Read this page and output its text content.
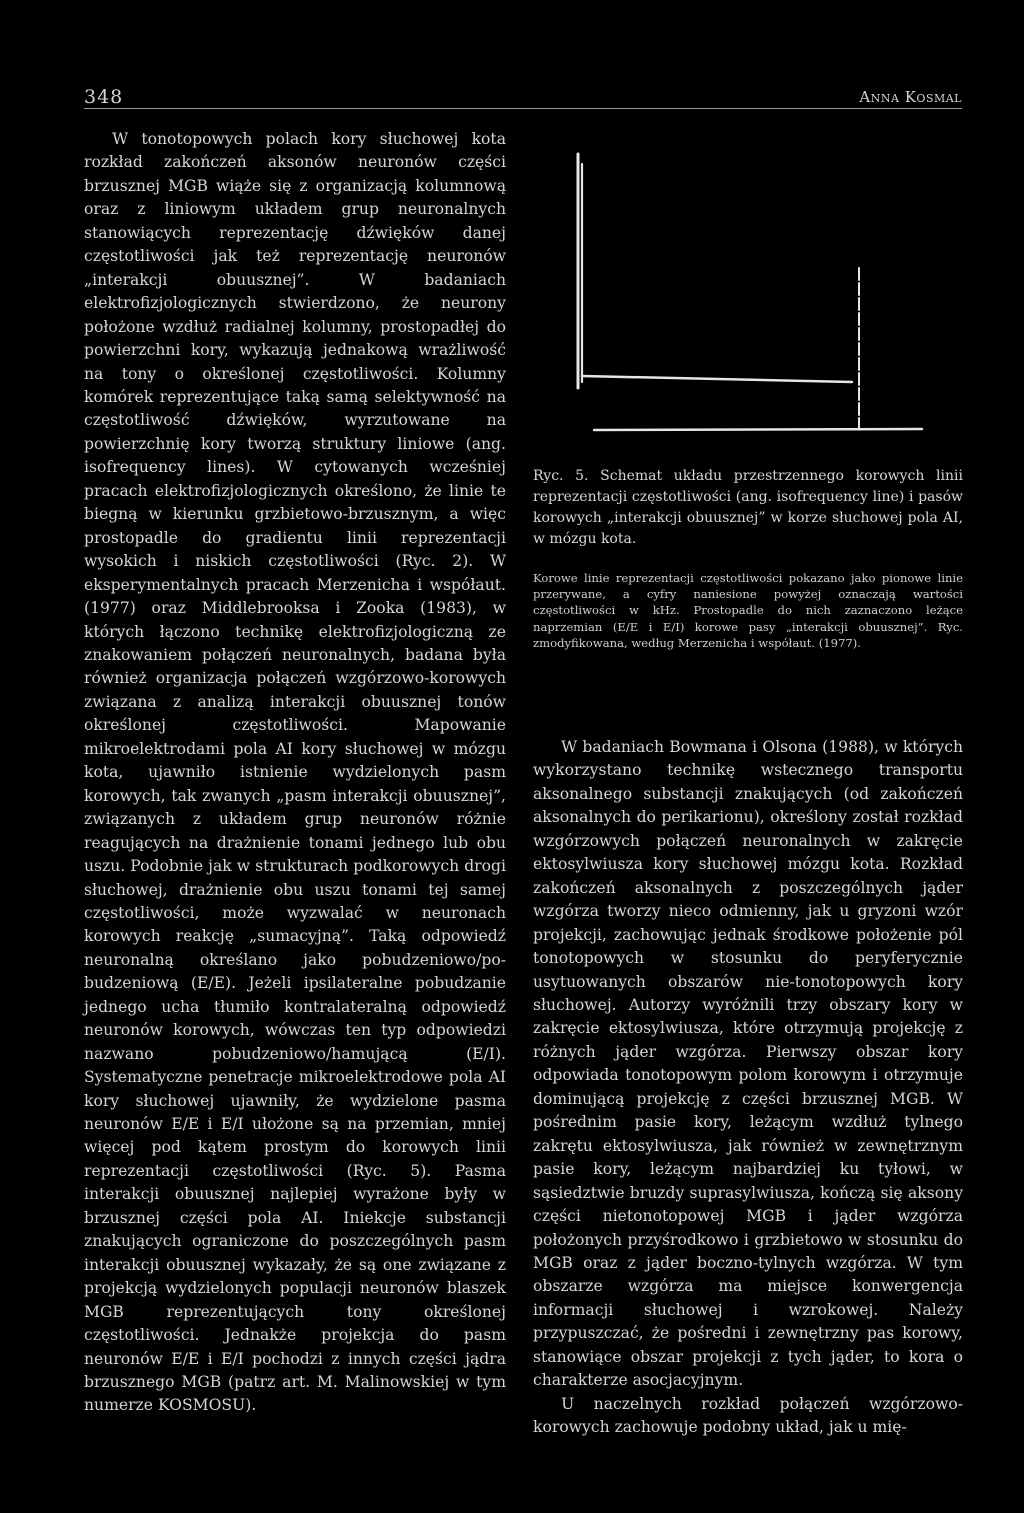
348	Anna Kosmal

W tonotopowych polach kory słuchowej kota rozkład zakończeń aksonów neuronów części brzusznej MGB wiąże się z organizacją kolumnową oraz z liniowym układem grup neuronalnych stanowiących reprezentację dźwięków danej częstotliwości jak też reprezentację neuronów „interakcji obuusznej”. W badaniach elektrofizjologicznych stwierdzono, że neurony położone wzdłuż radialnej kolumny, prostopadłej do powierzchni kory, wykazują jednakową wrażliwość na tony o określonej częstotliwości. Kolumny komórek reprezentujące taką samą selektywność na częstotliwość dźwięków, wyrzutowane na powierzchnię kory tworzą struktury liniowe (ang. isofrequency lines). W cytowanych wcześniej pracach elektrofizjologicznych określono, że linie te biegną w kierunku grzbietowo-brzusznym, a więc prostopadle do gradientu linii reprezentacji wysokich i niskich częstotliwości (Ryc. 2). W eksperymentalnych pracach Merzenicha i współaut. (1977) oraz Middlebrooksa i Zooka (1983), w których łączono technikę elektrofizjologiczną ze znakowaniem połączeń neuronalnych, badana była również organizacja połączeń wzgórzowo-korowych związana z analizą interakcji obuusznej tonów określonej częstotliwości. Mapowanie mikroelektrodami pola AI kory słuchowej w mózgu kota, ujawniło istnienie wydzielonych pasm korowych, tak zwanych „pasm interakcji obuusznej”, związanych z układem grup neuronów różnie reagujących na drażnienie tonami jednego lub obu uszu. Podobnie jak w strukturach podkorowych drogi słuchowej, drażnienie obu uszu tonami tej samej częstotliwości, może wyzwalać w neuronach korowych reakcję „sumacyjną”. Taką odpowiedź neuronalną określano jako pobudzeniowo/po- budzeniową (E/E). Jeżeli ipsilateralne pobudzanie jednego ucha tłumiło kontralateralną odpowiedź neuronów korowych, wówczas ten typ odpowiedzi nazwano pobudzeniowo/hamującą (E/I). Systematyczne penetracje mikroelektrodowe pola AI kory słuchowej ujawniły, że wydzielone pasma neuronów E/E i E/I ułożone są na przemian, mniej więcej pod kątem prostym do korowych linii reprezentacji częstotliwości (Ryc. 5). Pasma interakcji obuusznej najlepiej wyrażone były w brzusznej części pola AI. Iniekcje substancji znakujących ograniczone do poszczególnych pasm interakcji obuusznej wykazały, że są one związane z projekcją wydzielonych populacji neuronów blaszek MGB reprezentujących tony określonej częstotliwości. Jednakże projekcja do pasm neuronów E/E i E/I pochodzi z innych części jądra brzusznego MGB (patrz art. M. Malinowskiej w tym numerze KOSMOSU).

Ryc. 5. Schemat układu przestrzennego korowych linii reprezentacji częstotliwości (ang. isofrequency line) i pasów korowych „interakcji obuusznej” w korze słuchowej pola AI, w mózgu kota.

Korowe linie reprezentacji częstotliwości pokazano jako pionowe linie przerywane, a cyfry naniesione powyżej oznaczają wartości częstotliwości w kHz. Prostopadle do nich zaznaczono leżące naprzemian (E/E i E/I) korowe pasy „interakcji obuusznej”. Ryc. zmodyfikowana, według Merzenicha i współaut. (1977).

W badaniach Bowmana i Olsona (1988), w których wykorzystano technikę wstecznego transportu aksonalnego substancji znakujących (od zakończeń aksonalnych do perikarionu), określony został rozkład wzgórzowych połączeń neuronalnych w zakręcie ektosylwiusza kory słuchowej mózgu kota. Rozkład zakończeń aksonalnych z poszczególnych jąder wzgórza tworzy nieco odmienny, jak u gryzoni wzór projekcji, zachowując jednak środkowe położenie pól tonotopowych w stosunku do peryferycznie usytuowanych obszarów nie-tonotopowych kory słuchowej. Autorzy wyróżnili trzy obszary kory w zakręcie ektosylwiusza, które otrzymują projekcję z różnych jąder wzgórza. Pierwszy obszar kory odpowiada tonotopowym polom korowym i otrzymuje dominującą projekcję z części brzusznej MGB. W pośrednim pasie kory, leżącym wzdłuż tylnego zakrętu ektosylwiusza, jak również w zewnętrznym pasie kory, leżącym najbardziej ku tyłowi, w sąsiedztwie bruzdy suprasylwiusza, kończą się aksony części nietonotopowej MGB i jąder wzgórza położonych przyśrodkowo i grzbietowo w stosunku do MGB oraz z jąder boczno-tylnych wzgórza. W tym obszarze wzgórza ma miejsce konwergencja informacji słuchowej i wzrokowej. Należy przypuszczać, że pośredni i zewnętrzny pas korowy, stanowiące obszar projekcji z tych jąder, to kora o charakterze asocjacyjnym.

U naczelnych rozkład połączeń wzgórzowo-korowych zachowuje podobny układ, jak u mię-
